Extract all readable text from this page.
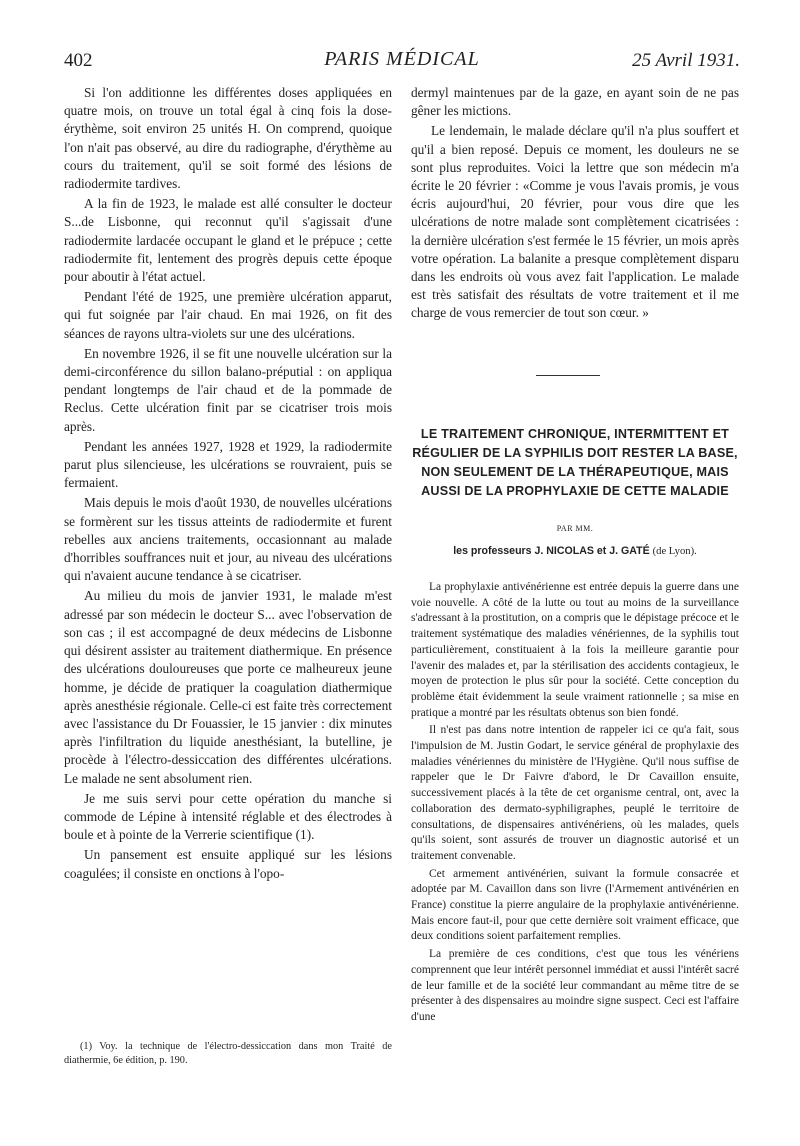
402	PARIS MÉDICAL	25 Avril 1931.

Si l'on additionne les différentes doses appliquées en quatre mois, on trouve un total égal à cinq fois la dose-érythème, soit environ 25 unités H. On comprend, quoique l'on n'ait pas observé, au dire du radiographe, d'érythème au cours du traitement, qu'il se soit formé des lésions de radiodermite tardives.

A la fin de 1923, le malade est allé consulter le docteur S...de Lisbonne, qui reconnut qu'il s'agissait d'une radiodermite lardacée occupant le gland et le prépuce ; cette radiodermite fit, lentement des progrès depuis cette époque pour aboutir à l'état actuel.

Pendant l'été de 1925, une première ulcération apparut, qui fut soignée par l'air chaud. En mai 1926, on fit des séances de rayons ultra-violets sur une des ulcérations.

En novembre 1926, il se fit une nouvelle ulcération sur la demi-circonférence du sillon balano-préputial : on appliqua pendant longtemps de l'air chaud et de la pommade de Reclus. Cette ulcération finit par se cicatriser trois mois après.

Pendant les années 1927, 1928 et 1929, la radiodermite parut plus silencieuse, les ulcérations se rouvraient, puis se fermaient.

Mais depuis le mois d'août 1930, de nouvelles ulcérations se formèrent sur les tissus atteints de radiodermite et furent rebelles aux anciens traitements, occasionnant au malade d'horribles souffrances nuit et jour, au niveau des ulcérations qui n'avaient aucune tendance à se cicatriser.

Au milieu du mois de janvier 1931, le malade m'est adressé par son médecin le docteur S... avec l'observation de son cas ; il est accompagné de deux médecins de Lisbonne qui désirent assister au traitement diathermique. En présence des ulcérations douloureuses que porte ce malheureux jeune homme, je décide de pratiquer la coagulation diathermique après anesthésie régionale. Celle-ci est faite très correctement avec l'assistance du Dr Fouassier, le 15 janvier : dix minutes après l'infiltration du liquide anesthésiant, la butelline, je procède à l'électro-dessiccation des différentes ulcérations. Le malade ne sent absolument rien.

Je me suis servi pour cette opération du manche si commode de Lépine à intensité réglable et des électrodes à boule et à pointe de la Verrerie scientifique (1).

Un pansement est ensuite appliqué sur les lésions coagulées; il consiste en onctions à l'opo-

(1) Voy. la technique de l'électro-dessiccation dans mon Traité de diathermie, 6e édition, p. 190.

dermyl maintenues par de la gaze, en ayant soin de ne pas gêner les mictions.

Le lendemain, le malade déclare qu'il n'a plus souffert et qu'il a bien reposé. Depuis ce moment, les douleurs ne se sont plus reproduites. Voici la lettre que son médecin m'a écrite le 20 février : «Comme je vous l'avais promis, je vous écris aujourd'hui, 20 février, pour vous dire que les ulcérations de notre malade sont complètement cicatrisées : la dernière ulcération s'est fermée le 15 février, un mois après votre opération. La balanite a presque complètement disparu dans les endroits où vous avez fait l'application. Le malade est très satisfait des résultats de votre traitement et il me charge de vous remercier de tout son cœur. »

LE TRAITEMENT CHRONIQUE, INTERMITTENT ET RÉGULIER DE LA SYPHILIS DOIT RESTER LA BASE, NON SEULEMENT DE LA THÉRAPEUTIQUE, MAIS AUSSI DE LA PROPHYLAXIE DE CETTE MALADIE
PAR MM.
les professeurs J. NICOLAS et J. GATÉ (de Lyon).

La prophylaxie antivénérienne est entrée depuis la guerre dans une voie nouvelle. A côté de la lutte ou tout au moins de la surveillance s'adressant à la prostitution, on a compris que le dépistage précoce et le traitement systématique des maladies vénériennes, de la syphilis tout particulièrement, constituaient à la fois la meilleure garantie pour l'avenir des malades et, par la stérilisation des accidents contagieux, le moyen de protection le plus sûr pour la société. Cette conception du problème était évidemment la seule vraiment rationnelle ; sa mise en pratique a montré par les résultats obtenus son bien fondé.

Il n'est pas dans notre intention de rappeler ici ce qu'a fait, sous l'impulsion de M. Justin Godart, le service général de prophylaxie des maladies vénériennes du ministère de l'Hygiène. Qu'il nous suffise de rappeler que le Dr Faivre d'abord, le Dr Cavaillon ensuite, successivement placés à la tête de cet organisme central, ont, avec la collaboration des dermato-syphiligraphes, peuplé le territoire de consultations, de dispensaires antivénériens, où les malades, quels qu'ils soient, sont assurés de trouver un diagnostic autorisé et un traitement convenable.

Cet armement antivénérien, suivant la formule consacrée et adoptée par M. Cavaillon dans son livre (l'Armement antivénérien en France) constitue la pierre angulaire de la prophylaxie antivénérienne. Mais encore faut-il, pour que cette dernière soit vraiment efficace, que deux conditions soient parfaitement remplies.

La première de ces conditions, c'est que tous les vénériens comprennent que leur intérêt personnel immédiat et aussi l'intérêt sacré de leur famille et de la société leur commandant au même titre de se présenter à des dispensaires au moindre signe suspect. Ceci est l'affaire d'une
